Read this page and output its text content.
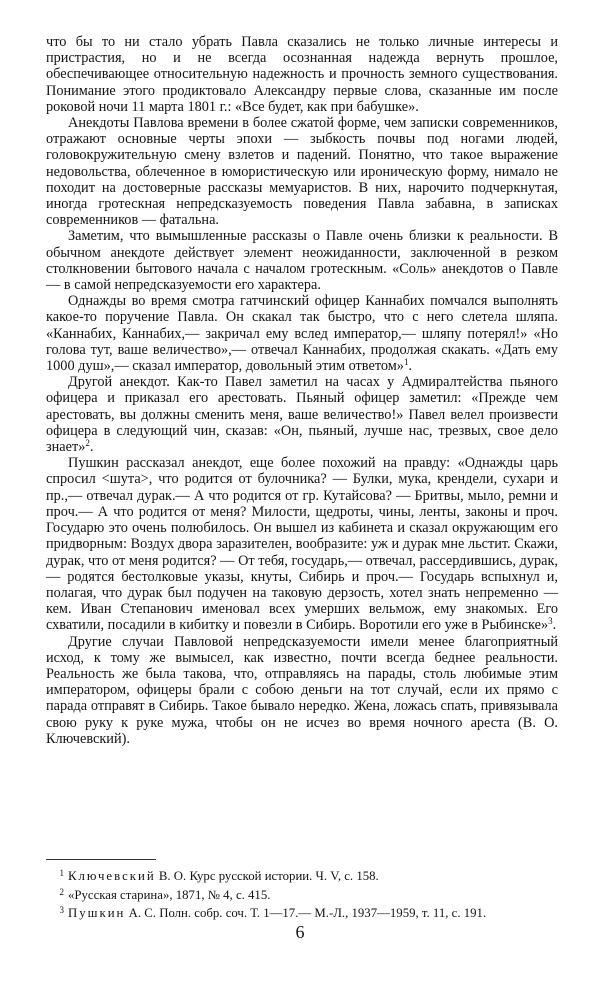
что бы то ни стало убрать Павла сказались не только личные интересы и пристрастия, но и не всегда осознанная надежда вернуть прошлое, обеспечивающее относительную надежность и прочность земного существования. Понимание этого продиктовало Александру первые слова, сказанные им после роковой ночи 11 марта 1801 г.: «Все будет, как при бабушке».

Анекдоты Павлова времени в более сжатой форме, чем записки современников, отражают основные черты эпохи — зыбкость почвы под ногами людей, головокружительную смену взлетов и падений. Понятно, что такое выражение недовольства, облеченное в юмористическую или ироническую форму, нимало не походит на достоверные рассказы мемуаристов. В них, нарочито подчеркнутая, иногда гротескная непредсказуемость поведения Павла забавна, в записках современников — фатальна.

Заметим, что вымышленные рассказы о Павле очень близки к реальности. В обычном анекдоте действует элемент неожиданности, заключенной в резком столкновении бытового начала с началом гротескным. «Соль» анекдотов о Павле — в самой непредсказуемости его характера.

Однажды во время смотра гатчинский офицер Каннабих помчался выполнять какое-то поручение Павла. Он скакал так быстро, что с него слетела шляпа. «Каннабих, Каннабих,— закричал ему вслед император,— шляпу потерял!» «Но голова тут, ваше величество»,— отвечал Каннабих, продолжая скакать. «Дать ему 1000 душ»,— сказал император, довольный этим ответом»$^1$.

Другой анекдот. Как-то Павел заметил на часах у Адмиралтейства пьяного офицера и приказал его арестовать. Пьяный офицер заметил: «Прежде чем арестовать, вы должны сменить меня, ваше величество!» Павел велел произвести офицера в следующий чин, сказав: «Он, пьяный, лучше нас, трезвых, свое дело знает»$^2$.

Пушкин рассказал анекдот, еще более похожий на правду: «Однажды царь спросил <шута>, что родится от булочника? — Булки, мука, крендели, сухари и пр.,— отвечал дурак.— А что родится от гр. Кутайсова? — Бритвы, мыло, ремни и проч.— А что родится от меня? Милости, щедроты, чины, ленты, законы и проч. Государю это очень полюбилось. Он вышел из кабинета и сказал окружающим его придворным: Воздух двора заразителен, вообразите: уж и дурак мне льстит. Скажи, дурак, что от меня родится? — От тебя, государь,— отвечал, рассердившись, дурак,— родятся бестолковые указы, кнуты, Сибирь и проч.— Государь вспыхнул и, полагая, что дурак был подучен на таковую дерзость, хотел знать непременно — кем. Иван Степанович именовал всех умерших вельмож, ему знакомых. Его схватили, посадили в кибитку и повезли в Сибирь. Воротили его уже в Рыбинске»$^3$.

Другие случаи Павловой непредсказуемости имели менее благоприятный исход, к тому же вымысел, как известно, почти всегда беднее реальности. Реальность же была такова, что, отправляясь на парады, столь любимые этим императором, офицеры брали с собою деньги на тот случай, если их прямо с парада отправят в Сибирь. Такое бывало нередко. Жена, ложась спать, привязывала свою руку к руке мужа, чтобы он не исчез во время ночного ареста (В. О. Ключевский).

1 Ключевский В. О. Курс русской истории. Ч. V, с. 158.

2 «Русская старина», 1871, № 4, с. 415.

3 Пушкин А. С. Полн. собр. соч. Т. 1—17.— М.-Л., 1937—1959, т. 11, с. 191.

6
